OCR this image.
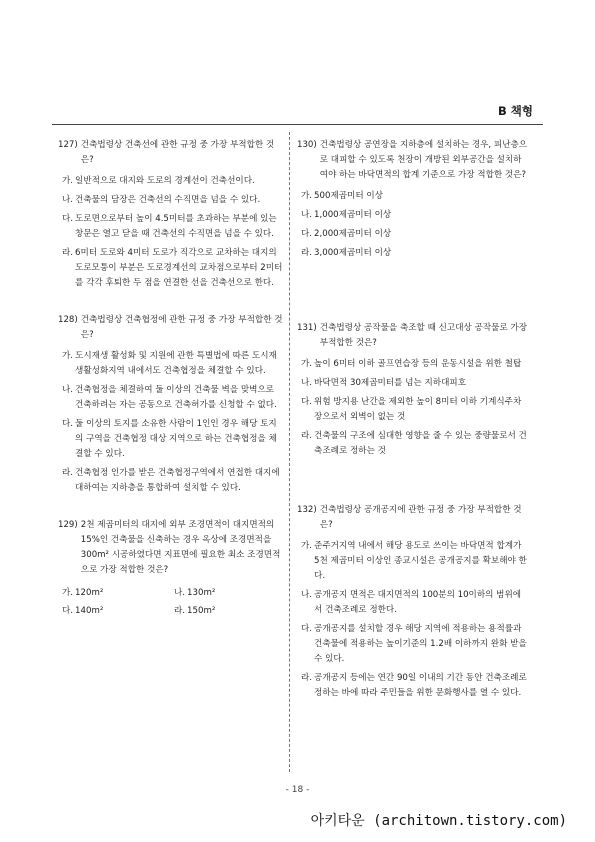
B 책형
127) 건축법령상 건축선에 관한 규정 중 가장 부적합한 것은?
가. 일반적으로 대지와 도로의 경계선이 건축선이다.
나. 건축물의 담장은 건축선의 수직면을 넘을 수 있다.
다. 도로면으로부터 높이 4.5미터를 초과하는 부분에 있는 창문은 열고 닫을 때 건축선의 수직면을 넘을 수 있다.
라. 6미터 도로와 4미터 도로가 직각으로 교차하는 대지의 도로모퉁이 부분은 도로경계선의 교차점으로부터 2미터를 각각 후퇴한 두 점을 연결한 선을 건축선으로 한다.
128) 건축법령상 건축협정에 관한 규정 중 가장 부적합한 것은?
가. 도시재생 활성화 및 지원에 관한 특별법에 따른 도시재생활성화지역 내에서도 건축협정을 체결할 수 있다.
나. 건축협정을 체결하여 둘 이상의 건축물 벽을 맞벽으로 건축하려는 자는 공동으로 건축허가를 신청할 수 없다.
다. 둘 이상의 토지를 소유한 사람이 1인인 경우 해당 토지의 구역을 건축협정 대상 지역으로 하는 건축협정을 체결할 수 있다.
라. 건축협정 인가를 받은 건축협정구역에서 연접한 대지에 대하여는 지하층을 통합하여 설치할 수 있다.
129) 2천 제곱미터의 대지에 외부 조경면적이 대지면적의 15%인 건축물을 신축하는 경우 옥상에 조경면적을 300m² 시공하였다면 지표면에 필요한 최소 조경면적으로 가장 적합한 것은?
가. 120m²	나. 130m²
다. 140m²	라. 150m²
130) 건축법령상 공연장을 지하층에 설치하는 경우, 피난층으로 대피할 수 있도록 천장이 개방된 외부공간을 설치하여야 하는 바닥면적의 합계 기준으로 가장 적합한 것은?
가. 500제곱미터 이상
나. 1,000제곱미터 이상
다. 2,000제곱미터 이상
라. 3,000제곱미터 이상
131) 건축법령상 공작물을 축조할 때 신고대상 공작물로 가장 부적합한 것은?
가. 높이 6미터 이하 골프연습장 등의 운동시설을 위한 철탑
나. 바닥면적 30제곱미터를 넘는 지하대피호
다. 위험 방지용 난간을 제외한 높이 8미터 이하 기계식주차장으로서 외벽이 없는 것
라. 건축물의 구조에 심대한 영향을 줄 수 있는 중량물로서 건축조례로 정하는 것
132) 건축법령상 공개공지에 관한 규정 중 가장 부적합한 것은?
가. 준주거지역 내에서 해당 용도로 쓰이는 바닥면적 합계가 5천 제곱미터 이상인 종교시설은 공개공지를 확보해야 한다.
나. 공개공지 면적은 대지면적의 100분의 10이하의 범위에서 건축조례로 정한다.
다. 공개공지를 설치할 경우 해당 지역에 적용하는 용적률과 건축물에 적용하는 높이기준의 1.2배 이하까지 완화 받을 수 있다.
라. 공개공지 등에는 연간 90일 이내의 기간 동안 건축조례로 정하는 바에 따라 주민들을 위한 문화행사를 열 수 있다.
- 18 -
아키타운 (architown.tistory.com)
